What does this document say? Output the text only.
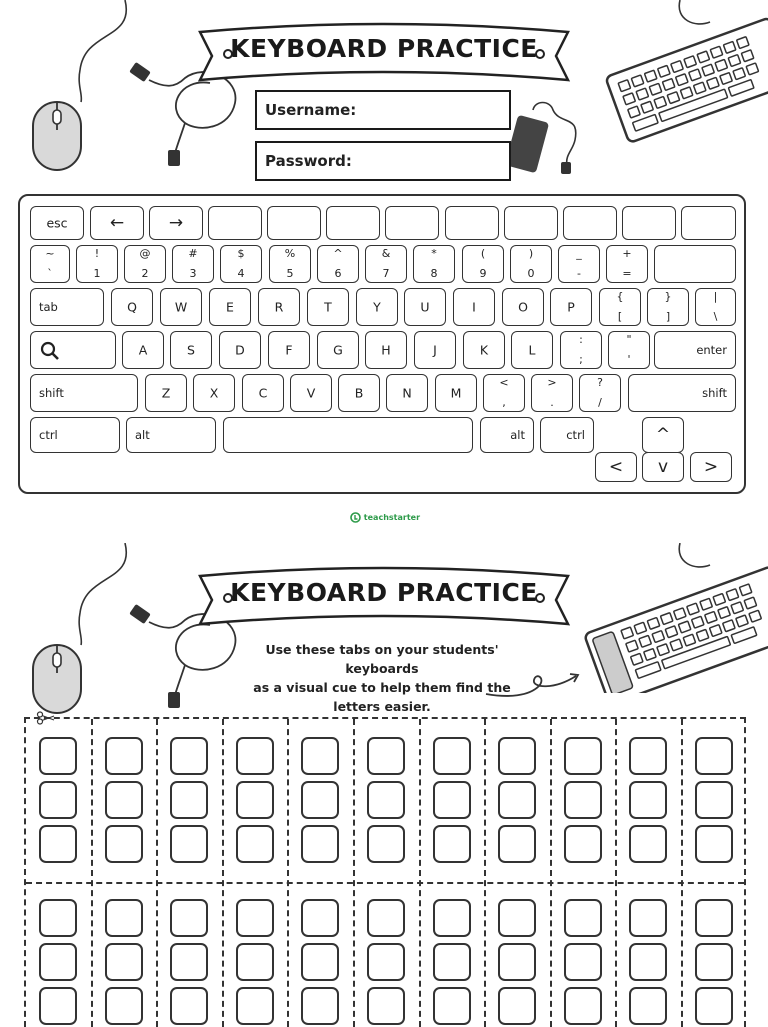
KEYBOARD PRACTICE
Username:
Password:
esc	←	→
~
`
!
1
@
2
#
3
$
4
%
5
^
6
&
7
*
8
(
9
)
0
_
-
+
=
tab	Q	W	E	R	T	Y	U	I	O	P
{
[
}
]
|
\
A	S	D	F	G	H	J	K	L
:
;
"
'
enter
shift	Z	X	C	V	B	N	M
<
,
>
.
?
/
shift
ctrl	alt	alt	ctrl	^
<	v	>
teachstarter
KEYBOARD PRACTICE
Use these tabs on your students' keyboards
as a visual cue to help them find the
letters easier.
